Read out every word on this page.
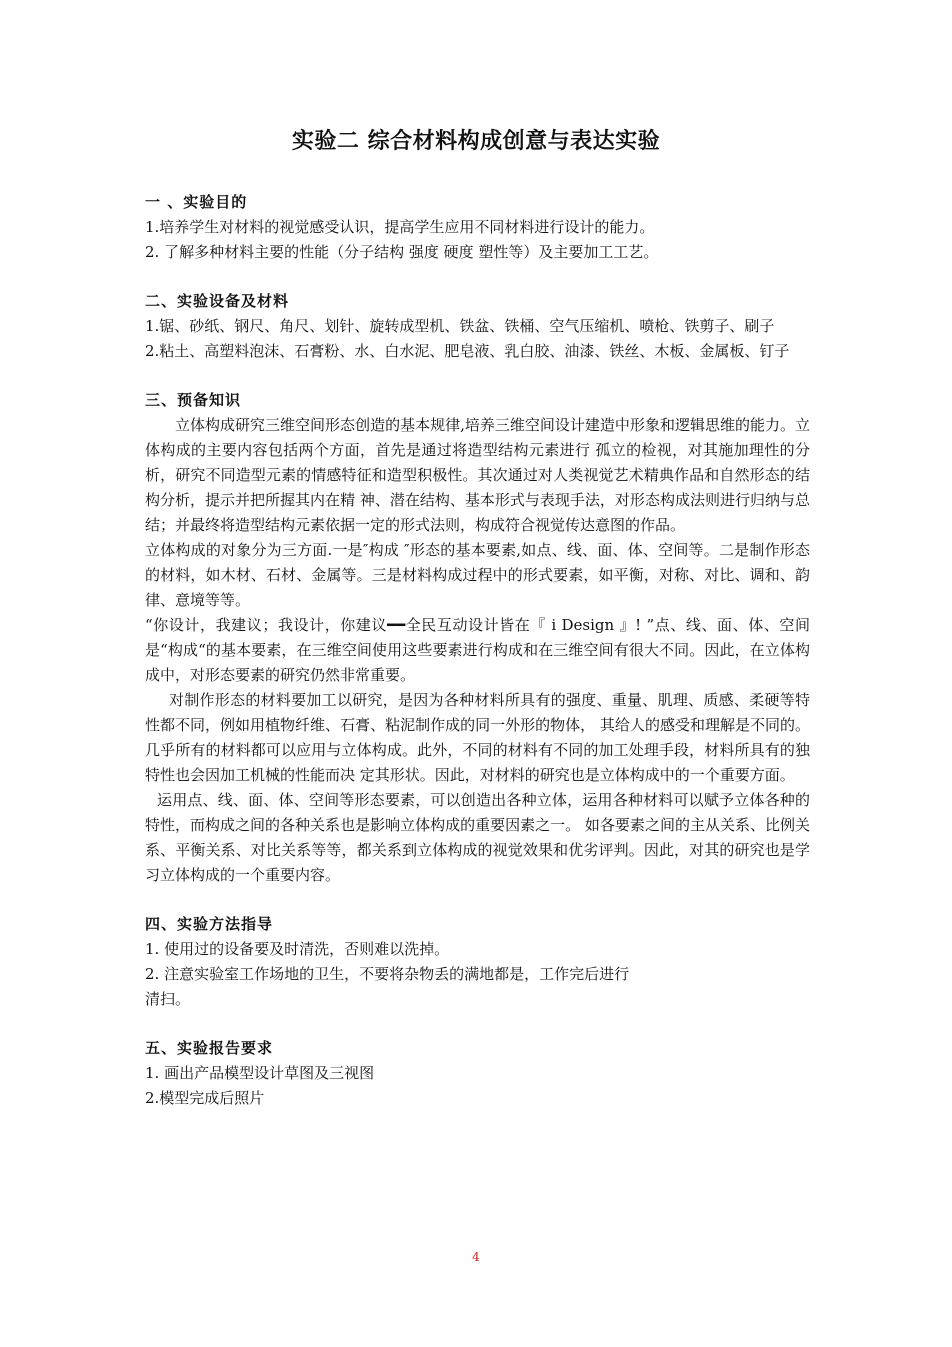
实验二 综合材料构成创意与表达实验

一 、实验目的

1.培养学生对材料的视觉感受认识，提高学生应用不同材料进行设计的能力。

2. 了解多种材料主要的性能（分子结构 强度 硬度 塑性等）及主要加工工艺。

二、实验设备及材料

1.锯、砂纸、钢尺、角尺、划针、旋转成型机、铁盆、铁桶、空气压缩机、喷枪、铁剪子、刷子

2.粘土、高塑料泡沫、石膏粉、水、白水泥、肥皂液、乳白胶、油漆、铁丝、木板、金属板、钉子

三、预备知识

立体构成研究三维空间形态创造的基本规律,培养三维空间设计建造中形象和逻辑思维的能力。立体构成的主要内容包括两个方面，首先是通过将造型结构元素进行 孤立的检视，对其施加理性的分析，研究不同造型元素的情感特征和造型积极性。其次通过对人类视觉艺术精典作品和自然形态的结构分析，提示并把所握其内在精 神、潜在结构、基本形式与表现手法，对形态构成法则进行归纳与总结；并最终将造型结构元素依据一定的形式法则，构成符合视觉传达意图的作品。

立体构成的对象分为三方面.一是″构成 ″形态的基本要素,如点、线、面、体、空间等。二是制作形态的材料，如木材、石材、金属等。三是材料构成过程中的形式要素，如平衡，对称、对比、调和、韵律、意境等等。

“你设计，我建议；我设计，你建议━━全民互动设计皆在『 i Design 』! ”点、线、面、体、空间是“构成“的基本要素，在三维空间使用这些要素进行构成和在三维空间有很大不同。因此，在立体构成中，对形态要素的研究仍然非常重要。

对制作形态的材料要加工以研究，是因为各种材料所具有的强度、重量、肌理、质感、柔硬等特性都不同，例如用植物纤维、石膏、粘泥制作成的同一外形的物体， 其给人的感受和理解是不同的。几乎所有的材料都可以应用与立体构成。此外，不同的材料有不同的加工处理手段，材料所具有的独特性也会因加工机械的性能而决 定其形状。因此，对材料的研究也是立体构成中的一个重要方面。

运用点、线、面、体、空间等形态要素，可以创造出各种立体，运用各种材料可以赋予立体各种的特性，而构成之间的各种关系也是影响立体构成的重要因素之一。 如各要素之间的主从关系、比例关系、平衡关系、对比关系等等，都关系到立体构成的视觉效果和优劣评判。因此，对其的研究也是学习立体构成的一个重要内容。

四、实验方法指导

1. 使用过的设备要及时清洗，否则难以洗掉。

2. 注意实验室工作场地的卫生，不要将杂物丢的满地都是，工作完后进行

清扫。

五、实验报告要求

1. 画出产品模型设计草图及三视图

2.模型完成后照片

4
